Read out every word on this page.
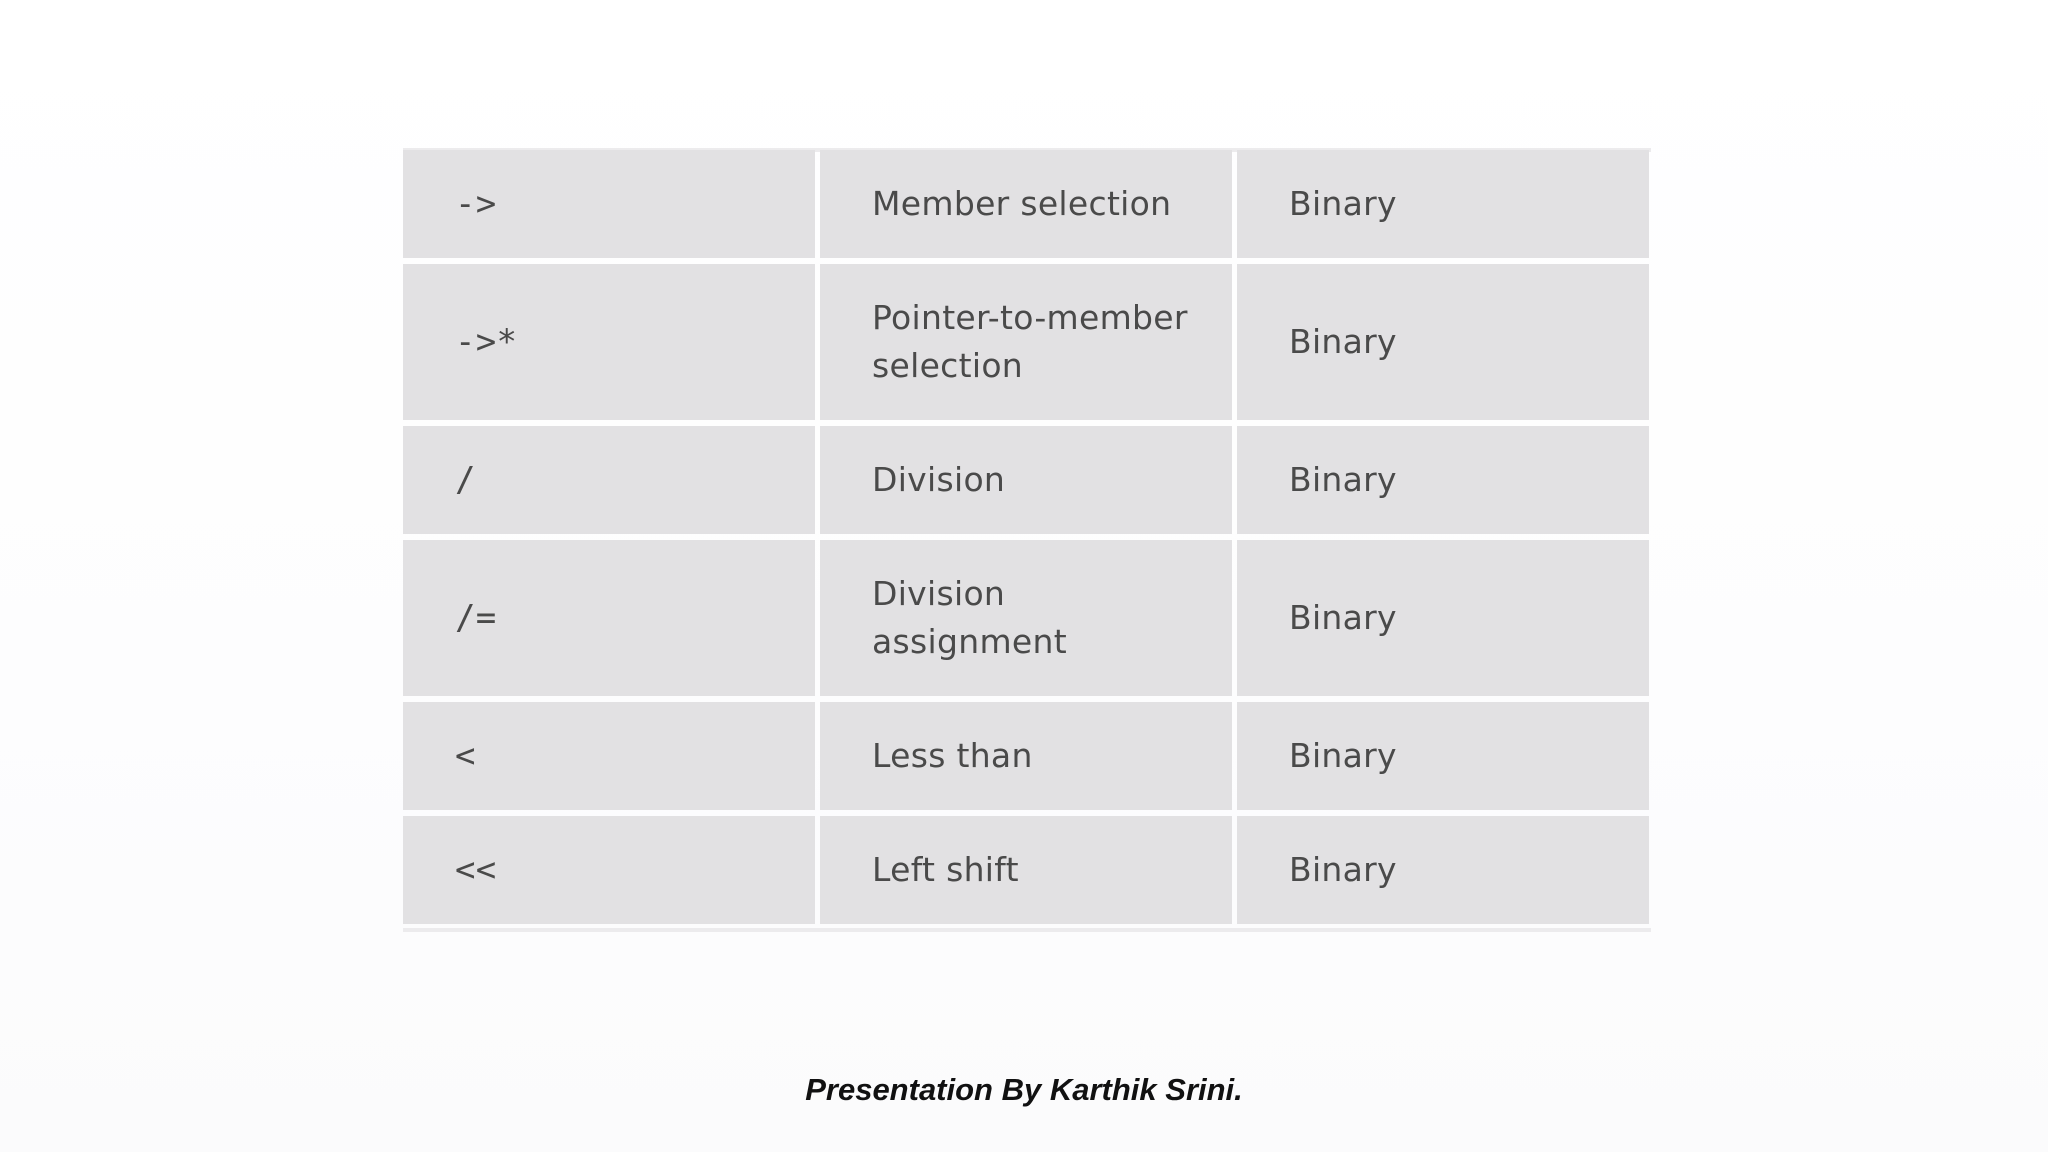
->	Member selection	Binary
->*	Pointer-to-member selection	Binary
/	Division	Binary
/=	Division assignment	Binary
<	Less than	Binary
<<	Left shift	Binary
Presentation By Karthik Srini.
